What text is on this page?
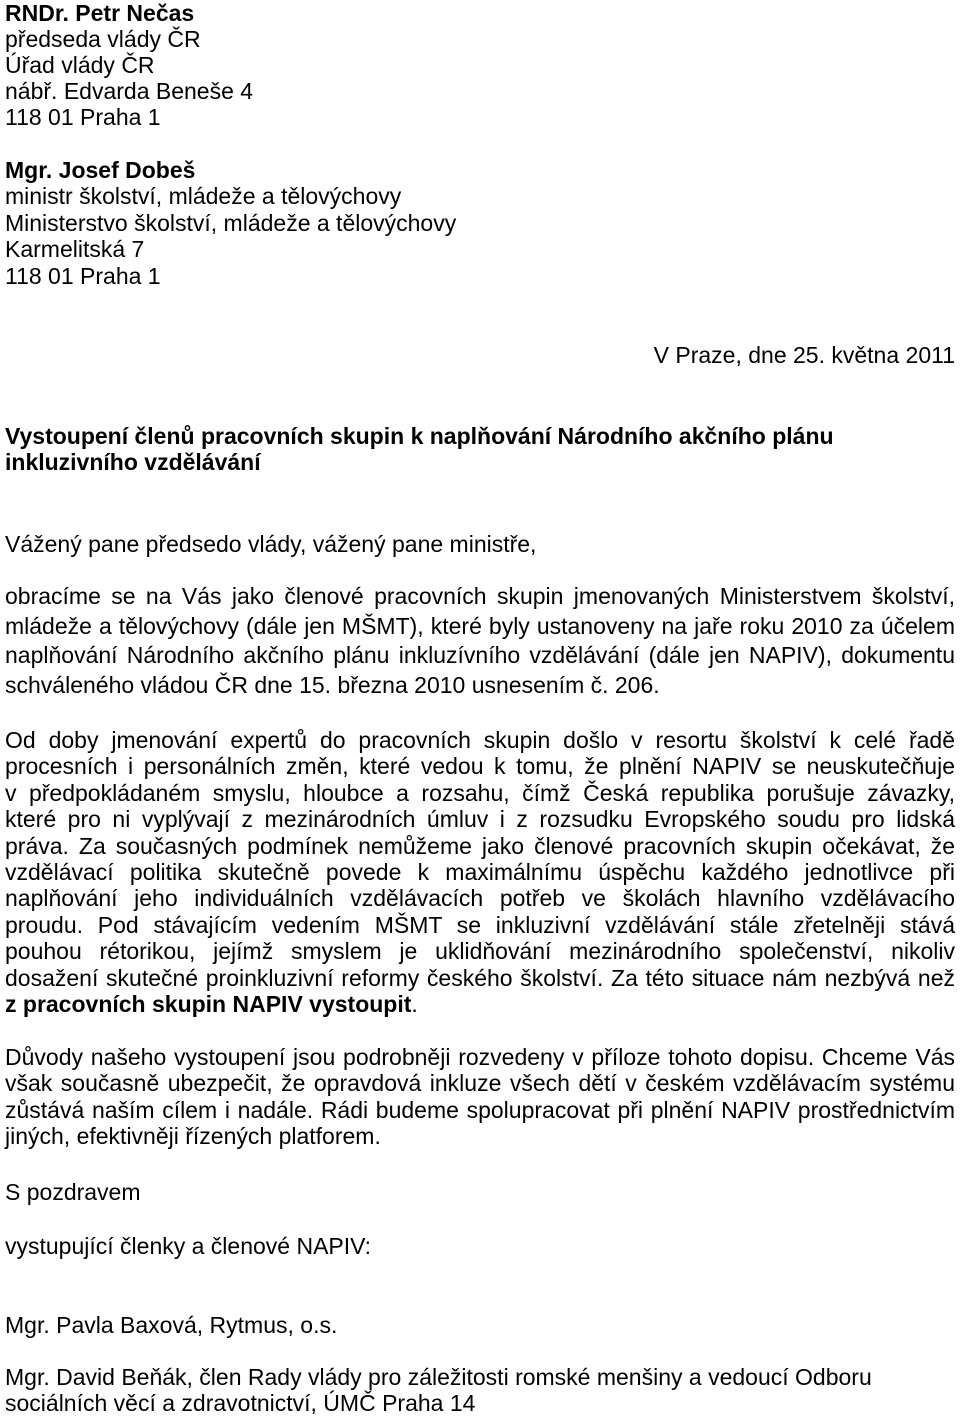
RNDr. Petr Nečas
předseda vlády ČR
Úřad vlády ČR
nábř. Edvarda Beneše 4
118 01 Praha 1
Mgr. Josef Dobeš
ministr školství, mládeže a tělovýchovy
Ministerstvo školství, mládeže a tělovýchovy
Karmelitská 7
118 01 Praha 1
V Praze, dne 25. května 2011
Vystoupení členů pracovních skupin k naplňování Národního akčního plánu
inkluzivního vzdělávání
Vážený pane předsedo vlády, vážený pane ministře,
obracíme se na Vás jako členové pracovních skupin jmenovaných Ministerstvem školství,
mládeže a tělovýchovy (dále jen MŠMT), které byly ustanoveny na jaře roku 2010 za účelem
naplňování Národního akčního plánu inkluzívního vzdělávání (dále jen NAPIV), dokumentu
schváleného vládou ČR dne 15. března 2010 usnesením č. 206.
Od doby jmenování expertů do pracovních skupin došlo v resortu školství k celé řadě
procesních i personálních změn, které vedou k tomu, že plnění NAPIV se neuskutečňuje
v předpokládaném smyslu, hloubce a rozsahu, čímž Česká republika porušuje závazky,
které pro ni vyplývají z mezinárodních úmluv i z rozsudku Evropského soudu pro lidská
práva. Za současných podmínek nemůžeme jako členové pracovních skupin očekávat, že
vzdělávací politika skutečně povede k maximálnímu úspěchu každého jednotlivce při
naplňování jeho individuálních vzdělávacích potřeb ve školách hlavního vzdělávacího
proudu. Pod stávajícím vedením MŠMT se inkluzivní vzdělávání stále zřetelněji stává
pouhou rétorikou, jejímž smyslem je uklidňování mezinárodního společenství, nikoliv
dosažení skutečné proinkluzivní reformy českého školství. Za této situace nám nezbývá než
z pracovních skupin NAPIV vystoupit.
Důvody našeho vystoupení jsou podrobněji rozvedeny v příloze tohoto dopisu. Chceme Vás
však současně ubezpečit, že opravdová inkluze všech dětí v českém vzdělávacím systému
zůstává naším cílem i nadále. Rádi budeme spolupracovat při plnění NAPIV prostřednictvím
jiných, efektivněji řízených platforem.
S pozdravem
vystupující členky a členové NAPIV:
Mgr. Pavla Baxová, Rytmus, o.s.
Mgr. David Beňák, člen Rady vlády pro záležitosti romské menšiny a vedoucí Odboru
sociálních věcí a zdravotnictví, ÚMČ Praha 14
